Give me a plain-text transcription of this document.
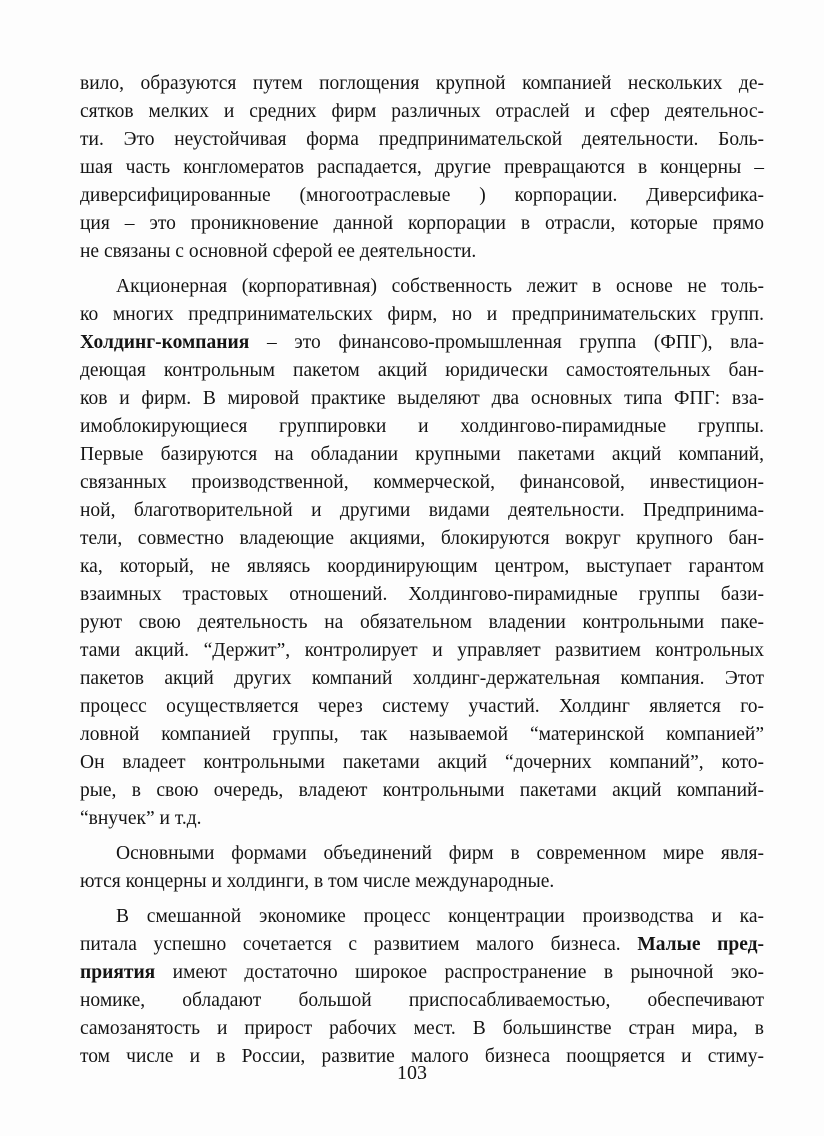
вило, образуются путем поглощения крупной компанией нескольких де-
сятков мелких и средних фирм различных отраслей и сфер деятельнос-
ти. Это неустойчивая форма предпринимательской деятельности. Боль-
шая часть конгломератов распадается, другие превращаются в концерны –
диверсифицированные (многоотраслевые ) корпорации. Диверсифика-
ция – это проникновение данной корпорации в отрасли, которые прямо
не связаны с основной сферой ее деятельности.
Акционерная (корпоративная) собственность лежит в основе не толь-
ко многих предпринимательских фирм, но и предпринимательских групп.
Холдинг-компания – это финансово-промышленная группа (ФПГ), вла-
деющая контрольным пакетом акций юридически самостоятельных бан-
ков и фирм. В мировой практике выделяют два основных типа ФПГ: вза-
имоблокирующиеся группировки и холдингово-пирамидные группы.
Первые базируются на обладании крупными пакетами акций компаний,
связанных производственной, коммерческой, финансовой, инвестицион-
ной, благотворительной и другими видами деятельности. Предпринима-
тели, совместно владеющие акциями, блокируются вокруг крупного бан-
ка, который, не являясь координирующим центром, выступает гарантом
взаимных трастовых отношений. Холдингово-пирамидные группы бази-
руют свою деятельность на обязательном владении контрольными паке-
тами акций. “Держит”, контролирует и управляет развитием контрольных
пакетов акций других компаний холдинг-держательная компания. Этот
процесс осуществляется через систему участий. Холдинг является го-
ловной компанией группы, так называемой “материнской компанией”
Он владеет контрольными пакетами акций “дочерних компаний”, кото-
рые, в свою очередь, владеют контрольными пакетами акций компаний-
“внучек” и т.д.
Основными формами объединений фирм в современном мире явля-
ются концерны и холдинги, в том числе международные.
В смешанной экономике процесс концентрации производства и ка-
питала успешно сочетается с развитием малого бизнеса. Малые пред-
приятия имеют достаточно широкое распространение в рыночной эко-
номике, обладают большой приспосабливаемостью, обеспечивают
самозанятость и прирост рабочих мест. В большинстве стран мира, в
том числе и в России, развитие малого бизнеса поощряется и стиму-
103
